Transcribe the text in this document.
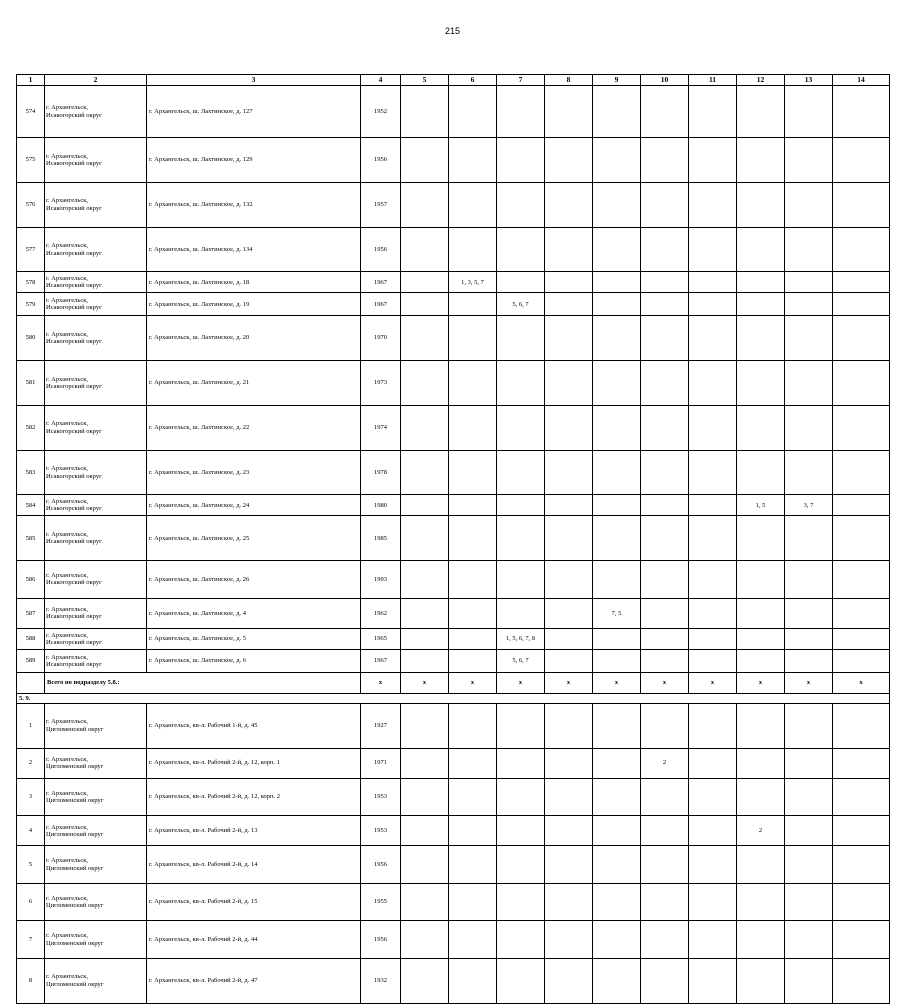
215
1	2	3	4	5	6	7	8	9	10	11	12	13	14	
574	г. Архангельск,
Исакогорский округ	г. Архангельск, ш. Лахтинское, д. 127	1952											

575	г. Архангельск,
Исакогорский округ	г. Архангельск, ш. Лахтинское, д. 129	1956											

576	г. Архангельск,
Исакогорский округ	г. Архангельск, ш. Лахтинское, д. 132	1957											

577	г. Архангельск,
Исакогорский округ	г. Архангельск, ш. Лахтинское, д. 134	1956											

578	г. Архангельск,
Исакогорский округ	г. Архангельск, ш. Лахтинское, д. 18	1967		1, 3, 5, 7									
579	г. Архангельск,
Исакогорский округ	г. Архангельск, ш. Лахтинское, д. 19	1967			5, 6, 7								
580	г. Архангельск,
Исакогорский округ	г. Архангельск, ш. Лахтинское, д. 20	1970											

581	г. Архангельск,
Исакогорский округ	г. Архангельск, ш. Лахтинское, д. 21	1973											

582	г. Архангельск,
Исакогорский округ	г. Архангельск, ш. Лахтинское, д. 22	1974											

583	г. Архангельск,
Исакогорский округ	г. Архангельск, ш. Лахтинское, д. 23	1978											

584	г. Архангельск,
Исакогорский округ	г. Архангельск, ш. Лахтинское, д. 24	1980								1, 5	3, 7		
585	г. Архангельск,
Исакогорский округ	г. Архангельск, ш. Лахтинское, д. 25	1985											

586	г. Архангельск,
Исакогорский округ	г. Архангельск, ш. Лахтинское, д. 26	1993											
587	г. Архангельск,
Исакогорский округ	г. Архангельск, ш. Лахтинское, д. 4	1962					7, 5						
588	г. Архангельск,
Исакогорский округ	г. Архангельск, ш. Лахтинское, д. 5	1965			1, 5, 6, 7, 8								
589	г. Архангельск,
Исакогорский округ	г. Архангельск, ш. Лахтинское, д. 6	1967			5, 6, 7								
	Всего по подразделу 5.8.:		x	x	x	x	x	x	x	x	x	x	x	
5. 9.														
1	г. Архангельск,
Цигломенский округ	г. Архангельск, кв-л. Рабочий 1-й, д. 45	1927											

2	г. Архангельск,
Цигломенский округ	г. Архангельск, кв-л. Рабочий 2-й, д. 12, корп. 1	1971						2					
3	г. Архангельск,
Цигломенский округ	г. Архангельск, кв-л. Рабочий 2-й, д. 12, корп. 2	1953											
4	г. Архангельск,
Цигломенский округ	г. Архангельск, кв-л. Рабочий 2-й, д. 13	1953								2			
5	г. Архангельск,
Цигломенский округ	г. Архангельск, кв-л. Рабочий 2-й, д. 14	1956											
6	г. Архангельск,
Цигломенский округ	г. Архангельск, кв-л. Рабочий 2-й, д. 15	1955											
7	г. Архангельск,
Цигломенский округ	г. Архангельск, кв-л. Рабочий 2-й, д. 44	1956											
8	г. Архангельск,
Цигломенский округ	г. Архангельск, кв-л. Рабочий 2-й, д. 47	1932											
